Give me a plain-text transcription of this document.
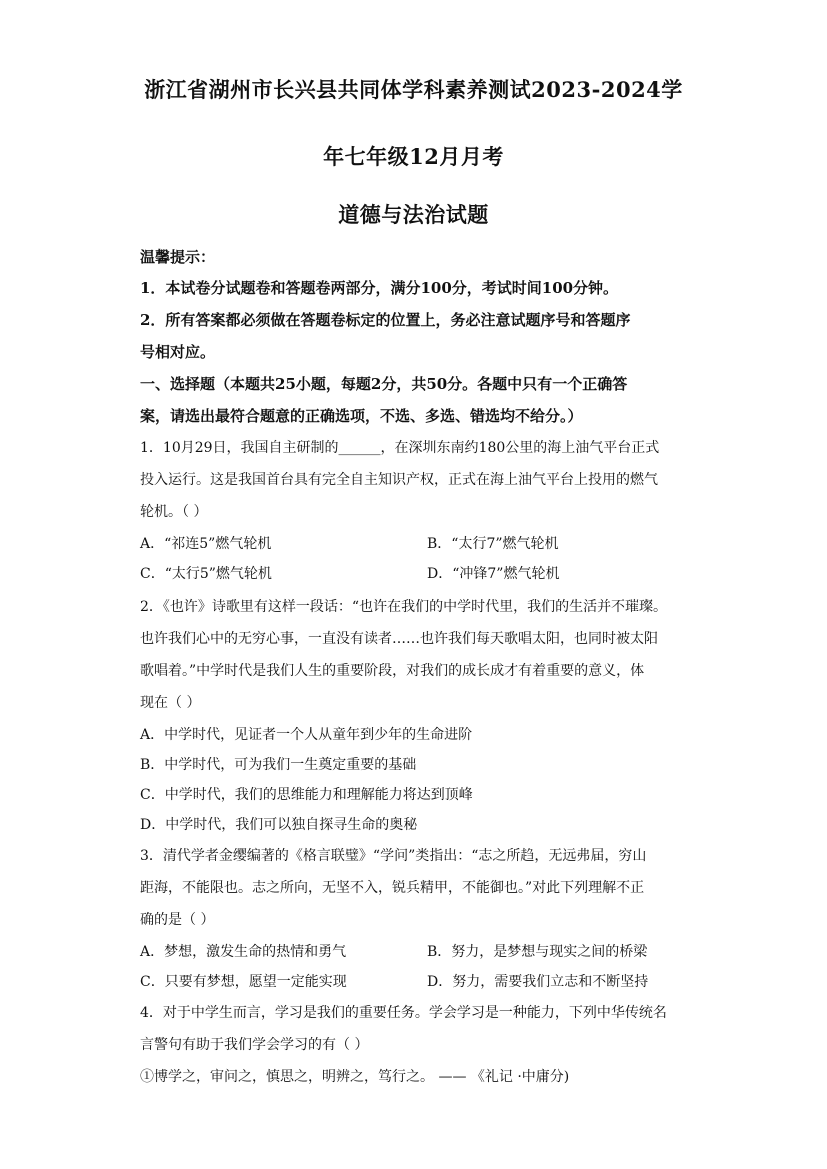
浙江省湖州市长兴县共同体学科素养测试2023-2024学
年七年级12月月考
道德与法治试题
温馨提示：
1．本试卷分试题卷和答题卷两部分，满分100分，考试时间100分钟。
2．所有答案都必须做在答题卷标定的位置上，务必注意试题序号和答题序
号相对应。
一、选择题（本题共25小题，每题2分，共50分。各题中只有一个正确答
案，请选出最符合题意的正确选项，不选、多选、错选均不给分。）
1．10月29日，我国自主研制的______，在深圳东南约180公里的海上油气平台正式
投入运行。这是我国首台具有完全自主知识产权，正式在海上油气平台上投用的燃气
轮机。（ ）
A．“祁连5”燃气轮机	B．“太行7”燃气轮机
C．“太行5”燃气轮机	D．“冲锋7”燃气轮机
2．《也许》诗歌里有这样一段话：“也许在我们的中学时代里，我们的生活并不璀璨。
也许我们心中的无穷心事，一直没有读者……也许我们每天歌唱太阳，也同时被太阳
歌唱着。”中学时代是我们人生的重要阶段，对我们的成长成才有着重要的意义，体
现在（ ）
A．中学时代，见证者一个人从童年到少年的生命进阶
B．中学时代，可为我们一生奠定重要的基础
C．中学时代，我们的思维能力和理解能力将达到顶峰
D．中学时代，我们可以独自探寻生命的奥秘
3．清代学者金缨编著的《格言联璧》“学问”类指出：“志之所趋，无远弗届，穷山
距海，不能限也。志之所向，无坚不入，锐兵精甲，不能御也。”对此下列理解不正
确的是（ ）
A．梦想，激发生命的热情和勇气	B．努力，是梦想与现实之间的桥梁
C．只要有梦想，愿望一定能实现	D．努力，需要我们立志和不断坚持
4．对于中学生而言，学习是我们的重要任务。学会学习是一种能力，下列中华传统名
言警句有助于我们学会学习的有（ ）
①博学之，审问之，慎思之，明辨之，笃行之。 —— 《礼记 ·中庸分)
